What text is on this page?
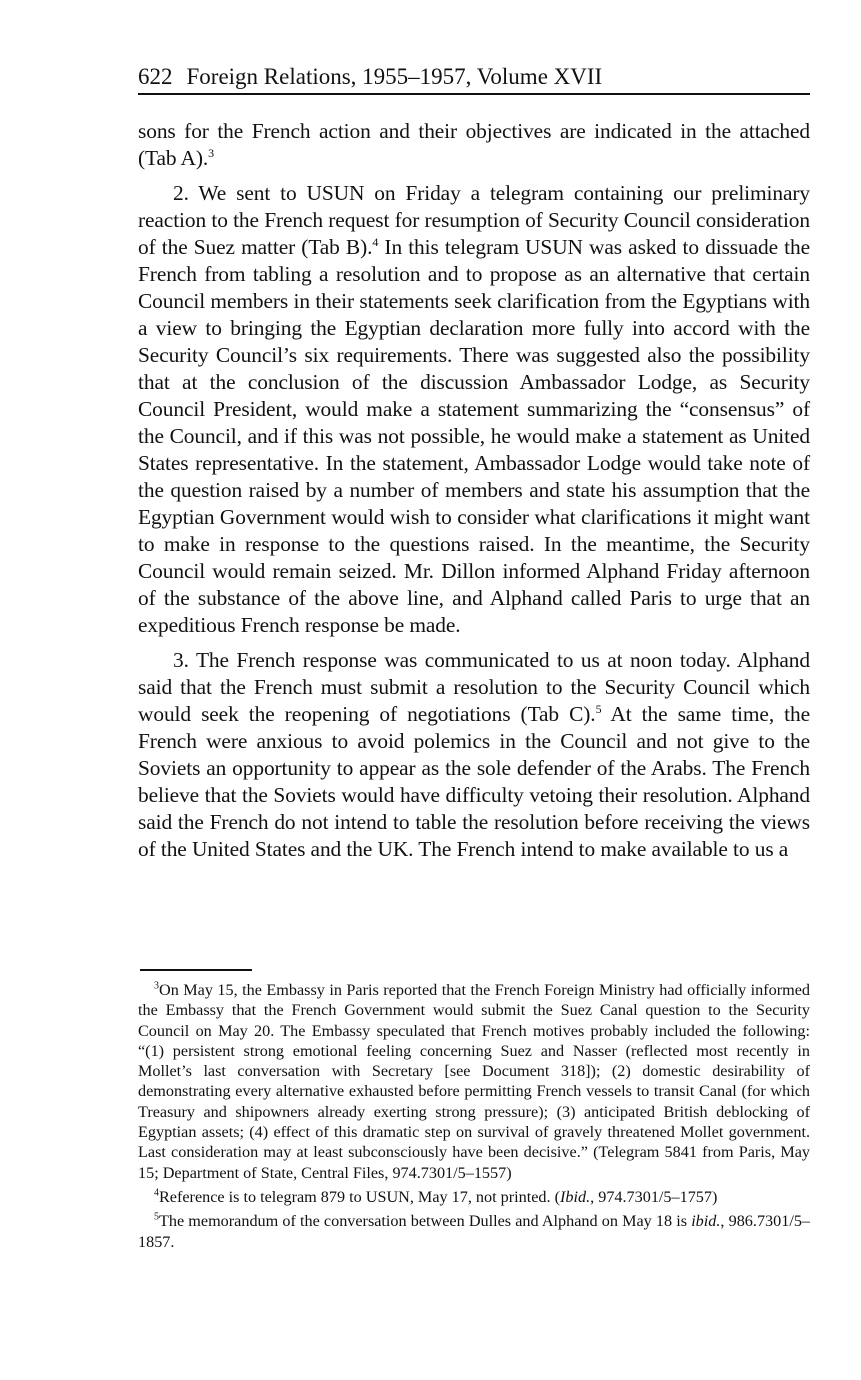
622 Foreign Relations, 1955–1957, Volume XVII

sons for the French action and their objectives are indicated in the attached (Tab A).$^3$

2. We sent to USUN on Friday a telegram containing our preliminary reaction to the French request for resumption of Security Council consideration of the Suez matter (Tab B).$^4$ In this telegram USUN was asked to dissuade the French from tabling a resolution and to propose as an alternative that certain Council members in their statements seek clarification from the Egyptians with a view to bringing the Egyptian declaration more fully into accord with the Security Council’s six requirements. There was suggested also the possibility that at the conclusion of the discussion Ambassador Lodge, as Security Council President, would make a statement summarizing the “consensus” of the Council, and if this was not possible, he would make a statement as United States representative. In the statement, Ambassador Lodge would take note of the question raised by a number of members and state his assumption that the Egyptian Government would wish to consider what clarifications it might want to make in response to the questions raised. In the meantime, the Security Council would remain seized. Mr. Dillon informed Alphand Friday afternoon of the substance of the above line, and Alphand called Paris to urge that an expeditious French response be made.

3. The French response was communicated to us at noon today. Alphand said that the French must submit a resolution to the Security Council which would seek the reopening of negotiations (Tab C).$^5$ At the same time, the French were anxious to avoid polemics in the Council and not give to the Soviets an opportunity to appear as the sole defender of the Arabs. The French believe that the Soviets would have difficulty vetoing their resolution. Alphand said the French do not intend to table the resolution before receiving the views of the United States and the UK. The French intend to make available to us a

$^3$On May 15, the Embassy in Paris reported that the French Foreign Ministry had officially informed the Embassy that the French Government would submit the Suez Canal question to the Security Council on May 20. The Embassy speculated that French motives probably included the following: “(1) persistent strong emotional feeling concerning Suez and Nasser (reflected most recently in Mollet’s last conversation with Secretary [see Document 318]); (2) domestic desirability of demonstrating every alternative exhausted before permitting French vessels to transit Canal (for which Treasury and shipowners already exerting strong pressure); (3) anticipated British deblocking of Egyptian assets; (4) effect of this dramatic step on survival of gravely threatened Mollet government. Last consideration may at least subconsciously have been decisive.” (Telegram 5841 from Paris, May 15; Department of State, Central Files, 974.7301/5–1557)

$^4$Reference is to telegram 879 to USUN, May 17, not printed. (Ibid., 974.7301/5–1757)

$^5$The memorandum of the conversation between Dulles and Alphand on May 18 is ibid., 986.7301/5–1857.
